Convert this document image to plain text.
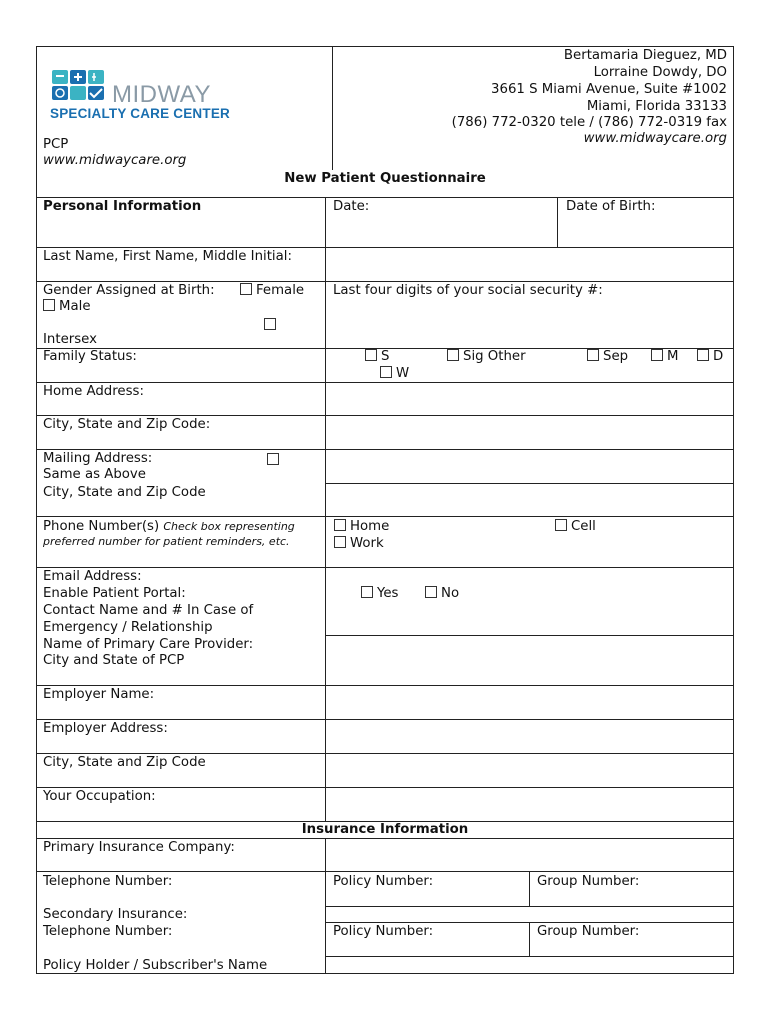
MIDWAY
SPECIALTY CARE CENTER
PCP
www.midwaycare.org
Bertamaria Dieguez, MD
Lorraine Dowdy, DO
3661 S Miami Avenue, Suite #1002
Miami, Florida 33133
(786) 772-0320 tele / (786) 772-0319 fax
www.midwaycare.org
New Patient Questionnaire
Personal Information	Date:	Date of Birth:
Last Name, First Name, Middle Initial:
Gender Assigned at Birth:	Female
Male
Intersex
Last four digits of your social security #:
Family Status:	S	Sig Other	Sep	M	D
W
Home Address:
City, State and Zip Code:
Mailing Address:
Same as Above
City, State and Zip Code
Phone Number(s) Check box representing
preferred number for patient reminders, etc.
Home	Cell
Work
Email Address:
Enable Patient Portal:	Yes	No
Contact Name and # In Case of
Emergency / Relationship
Name of Primary Care Provider:
City and State of PCP
Employer Name:
Employer Address:
City, State and Zip Code
Your Occupation:
Insurance Information
Primary Insurance Company:
Telephone Number:	Policy Number:	Group Number:
Secondary Insurance:
Telephone Number:	Policy Number:	Group Number:
Policy Holder / Subscriber's Name
